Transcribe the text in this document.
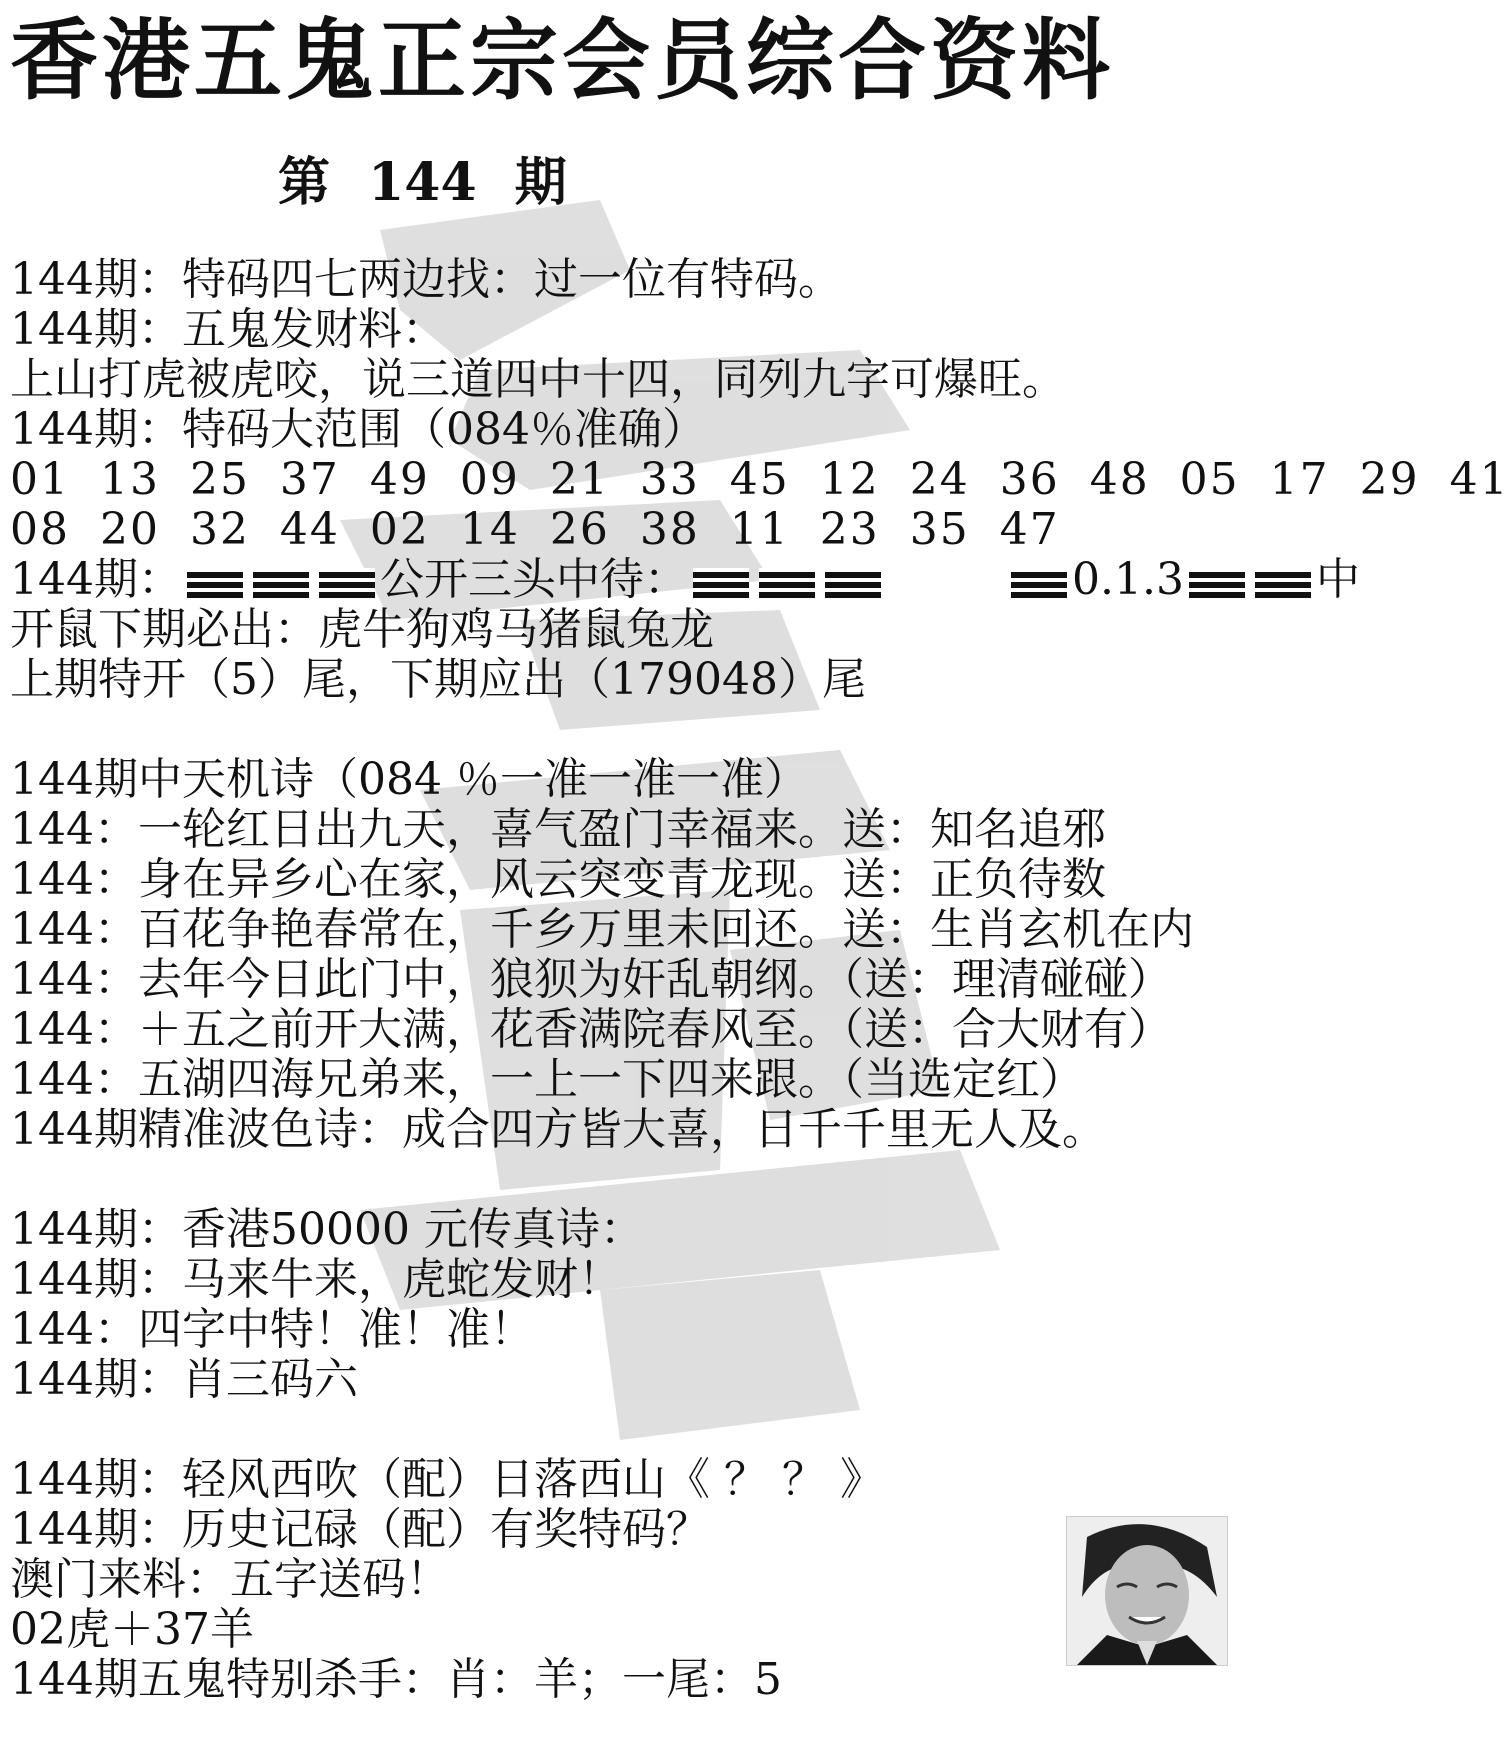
香港五鬼正宗会员综合资料
第 144 期
144期：特码四七两边找：过一位有特码。
144期：五鬼发财料：
上山打虎被虎咬，说三道四中十四，同列九字可爆旺。
144期：特码大范围（084％准确）
01 13 25 37 49 09 21 33 45 12 24 36 48 05 17 29 41
08 20 32 44 02 14 26 38 11 23 35 47
144期：	公开三头中待：	0.1.3	中
开鼠下期必出：虎牛狗鸡马猪鼠兔龙
上期特开（5）尾，下期应出（179048）尾
144期中天机诗（084 ％一准一准一准）
144：一轮红日出九天，喜气盈门幸福来。送：知名追邪
144：身在异乡心在家，风云突变青龙现。送：正负待数
144：百花争艳春常在，千乡万里未回还。送：生肖玄机在内
144：去年今日此门中，狼狈为奸乱朝纲。（送：理清碰碰）
144：＋五之前开大满，花香满院春风至。（送：合大财有）
144：五湖四海兄弟来，一上一下四来跟。（当选定红）
144期精准波色诗：成合四方皆大喜，日千千里无人及。
144期：香港50000 元传真诗：
144期：马来牛来，虎蛇发财！
144：四字中特！准！准！
144期：肖三码六
144期：轻风西吹（配）日落西山《 ？ ？ 》
144期：历史记碌（配）有奖特码？
澳门来料：五字送码！
02虎＋37羊
144期五鬼特别杀手：肖：羊；一尾：5
